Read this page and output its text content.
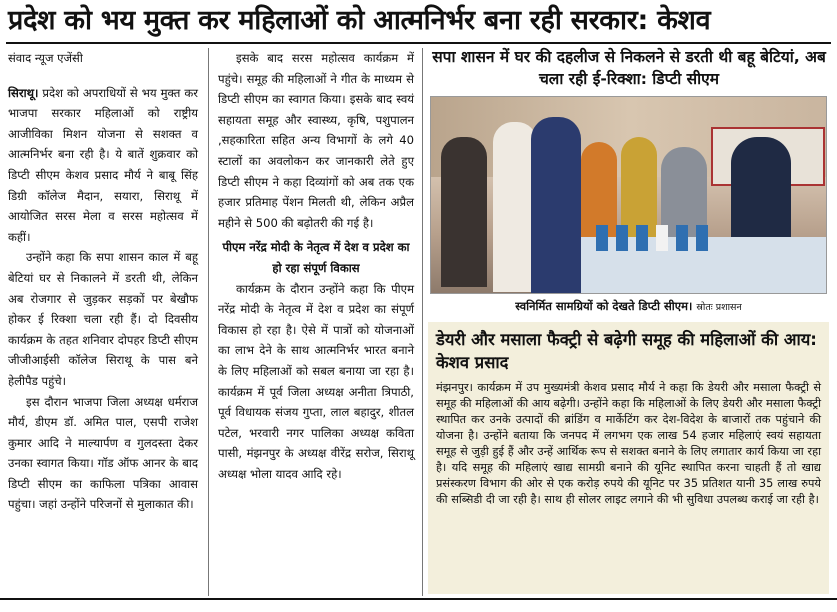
प्रदेश को भय मुक्त कर महिलाओं को आत्मनिर्भर बना रही सरकार: केशव
संवाद न्यूज एजेंसी

सिराथू। प्रदेश को अपराधियों से भय मुक्त कर भाजपा सरकार महिलाओं को राष्ट्रीय आजीविका मिशन योजना से सशक्त व आत्मनिर्भर बना रही है। ये बातें शुक्रवार को डिप्टी सीएम केशव प्रसाद मौर्य ने बाबू सिंह डिग्री कॉलेज मैदान, सयारा, सिराथू में आयोजित सरस मेला व सरस महोत्सव में कहीं।

उन्होंने कहा कि सपा शासन काल में बहू बेटियां घर से निकालने में डरती थी, लेकिन अब रोजगार से जुड़कर सड़कों पर बेखौफ होकर ई रिक्शा चला रही हैं। दो दिवसीय कार्यक्रम के तहत शनिवार दोपहर डिप्टी सीएम जीजीआईसी कॉलेज सिराथू के पास बने हेलीपैड पहुंचे।

इस दौरान भाजपा जिला अध्यक्ष धर्मराज मौर्य, डीएम डॉ. अमित पाल, एसपी राजेश कुमार आदि ने माल्यार्पण व गुलदस्ता देकर उनका स्वागत किया। गॉड ऑफ आनर के बाद डिप्टी सीएम का काफिला पत्रिका आवास पहुंचा। जहां उन्होंने परिजनों से मुलाकात की।

इसके बाद सरस महोत्सव कार्यक्रम में पहुंचे। समूह की महिलाओं ने गीत के माध्यम से डिप्टी सीएम का स्वागत किया। इसके बाद स्वयं सहायता समूह और स्वास्थ्य, कृषि, पशुपालन ,सहकारिता सहित अन्य विभागों के लगे 40 स्टालों का अवलोकन कर जानकारी लेते हुए डिप्टी सीएम ने कहा दिव्यांगों को अब तक एक हजार प्रतिमाह पेंशन मिलती थी, लेकिन अप्रैल महीने से 500 की बढ़ोतरी की गई है।

पीएम नरेंद्र मोदी के नेतृत्व में देश व प्रदेश का हो रहा संपूर्ण विकास

कार्यक्रम के दौरान उन्होंने कहा कि पीएम नरेंद्र मोदी के नेतृत्व में देश व प्रदेश का संपूर्ण विकास हो रहा है। ऐसे में पात्रों को योजनाओं का लाभ देने के साथ आत्मनिर्भर भारत बनाने के लिए महिलाओं को सबल बनाया जा रहा है। कार्यक्रम में पूर्व जिला अध्यक्ष अनीता त्रिपाठी, पूर्व विधायक संजय गुप्ता, लाल बहादुर, शीतल पटेल, भरवारी नगर पालिका अध्यक्ष कविता पासी, मंझनपुर के अध्यक्ष वीरेंद्र सरोज, सिराथू अध्यक्ष भोला यादव आदि रहे।

सपा शासन में घर की दहलीज से निकलने से डरती थी बहू बेटियां, अब चला रही ई-रिक्शा: डिप्टी सीएम
स्वनिर्मित सामग्रियों को देखते डिप्टी सीएम। स्रोतः प्रशासन
डेयरी और मसाला फैक्ट्री से बढ़ेगी समूह की महिलाओं की आय: केशव प्रसाद
मंझनपुर। कार्यक्रम में उप मुख्यमंत्री केशव प्रसाद मौर्य ने कहा कि डेयरी और मसाला फैक्ट्री से समूह की महिलाओं की आय बढ़ेगी। उन्होंने कहा कि महिलाओं के लिए डेयरी और मसाला फैक्ट्री स्थापित कर उनके उत्पादों की ब्रांडिंग व मार्केटिंग कर देश-विदेश के बाजारों तक पहुंचाने की योजना है। उन्होंने बताया कि जनपद में लगभग एक लाख 54 हजार महिलाएं स्वयं सहायता समूह से जुड़ी हुई हैं और उन्हें आर्थिक रूप से सशक्त बनाने के लिए लगातार कार्य किया जा रहा है। यदि समूह की महिलाएं खाद्य सामग्री बनाने की यूनिट स्थापित करना चाहती हैं तो खाद्य प्रसंस्करण विभाग की ओर से एक करोड़ रुपये की यूनिट पर 35 प्रतिशत यानी 35 लाख रुपये की सब्सिडी दी जा रही है। साथ ही सोलर लाइट लगाने की भी सुविधा उपलब्ध कराई जा रही है।
